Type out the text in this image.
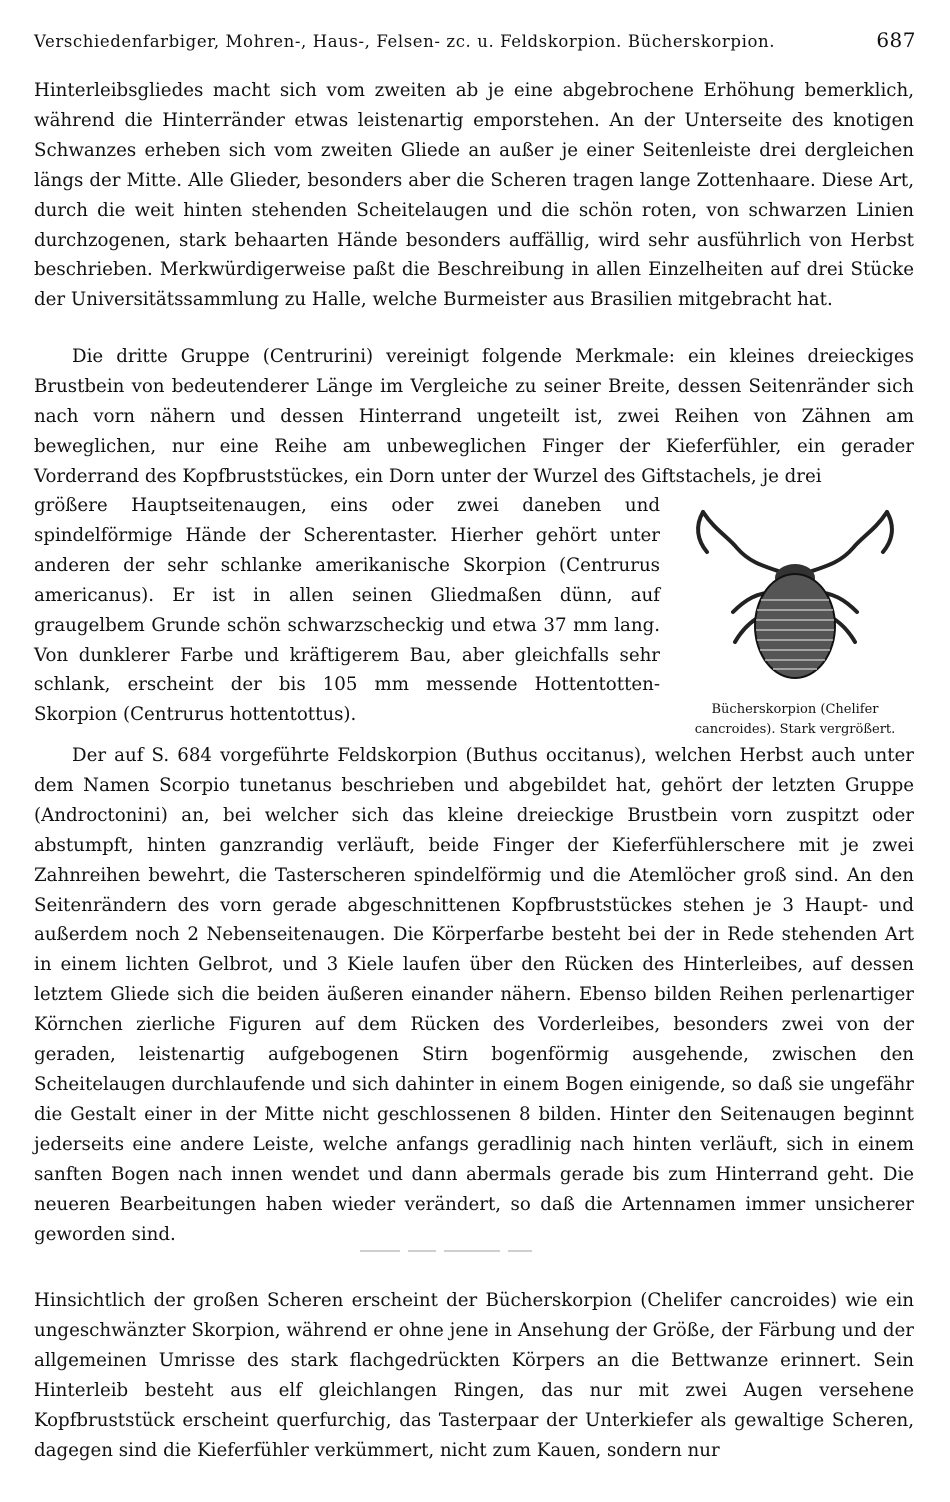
Verschiedenfarbiger, Mohren-, Haus-, Felsen- zc. u. Feldskorpion. Bücherskorpion.	687

Hinterleibsgliedes macht sich vom zweiten ab je eine abgebrochene Erhöhung bemerklich, während die Hinterränder etwas leistenartig emporstehen. An der Unterseite des knotigen Schwanzes erheben sich vom zweiten Gliede an außer je einer Seitenleiste drei dergleichen längs der Mitte. Alle Glieder, besonders aber die Scheren tragen lange Zottenhaare. Diese Art, durch die weit hinten stehenden Scheitelaugen und die schön roten, von schwarzen Linien durchzogenen, stark behaarten Hände besonders auffällig, wird sehr ausführlich von Herbst beschrieben. Merkwürdigerweise paßt die Beschreibung in allen Einzelheiten auf drei Stücke der Universitätssammlung zu Halle, welche Burmeister aus Brasilien mitgebracht hat.

Die dritte Gruppe (Centrurini) vereinigt folgende Merkmale: ein kleines dreieckiges Brustbein von bedeutenderer Länge im Vergleiche zu seiner Breite, dessen Seitenränder sich nach vorn nähern und dessen Hinterrand ungeteilt ist, zwei Reihen von Zähnen am beweglichen, nur eine Reihe am unbeweglichen Finger der Kieferfühler, ein gerader Vorderrand des Kopfbruststückes, ein Dorn unter der Wurzel des Giftstachels, je drei

größere Hauptseitenaugen, eins oder zwei daneben und spindelförmige Hände der Scherentaster. Hierher gehört unter anderen der sehr schlanke amerikanische Skorpion (Centrurus americanus). Er ist in allen seinen Gliedmaßen dünn, auf graugelbem Grunde schön schwarzscheckig und etwa 37 mm lang. Von dunklerer Farbe und kräftigerem Bau, aber gleichfalls sehr schlank, erscheint der bis 105 mm messende Hottentotten-Skorpion (Centrurus hottentottus).	Bücherskorpion (Chelifer
cancroides). Stark vergrößert.

Der auf S. 684 vorgeführte Feldskorpion (Buthus occitanus), welchen Herbst auch unter dem Namen Scorpio tunetanus beschrieben und abgebildet hat, gehört der letzten Gruppe (Androctonini) an, bei welcher sich das kleine dreieckige Brustbein vorn zuspitzt oder abstumpft, hinten ganzrandig verläuft, beide Finger der Kieferfühlerschere mit je zwei Zahnreihen bewehrt, die Tasterscheren spindelförmig und die Atemlöcher groß sind. An den Seitenrändern des vorn gerade abgeschnittenen Kopfbruststückes stehen je 3 Haupt- und außerdem noch 2 Nebenseitenaugen. Die Körperfarbe besteht bei der in Rede stehenden Art in einem lichten Gelbrot, und 3 Kiele laufen über den Rücken des Hinterleibes, auf dessen letztem Gliede sich die beiden äußeren einander nähern. Ebenso bilden Reihen perlenartiger Körnchen zierliche Figuren auf dem Rücken des Vorderleibes, besonders zwei von der geraden, leistenartig aufgebogenen Stirn bogenförmig ausgehende, zwischen den Scheitelaugen durchlaufende und sich dahinter in einem Bogen einigende, so daß sie ungefähr die Gestalt einer in der Mitte nicht geschlossenen 8 bilden. Hinter den Seitenaugen beginnt jederseits eine andere Leiste, welche anfangs geradlinig nach hinten verläuft, sich in einem sanften Bogen nach innen wendet und dann abermals gerade bis zum Hinterrand geht. Die neueren Bearbeitungen haben wieder verändert, so daß die Artennamen immer unsicherer geworden sind.

Hinsichtlich der großen Scheren erscheint der Bücherskorpion (Chelifer cancroides) wie ein ungeschwänzter Skorpion, während er ohne jene in Ansehung der Größe, der Färbung und der allgemeinen Umrisse des stark flachgedrückten Körpers an die Bettwanze erinnert. Sein Hinterleib besteht aus elf gleichlangen Ringen, das nur mit zwei Augen versehene Kopfbruststück erscheint querfurchig, das Tasterpaar der Unterkiefer als gewaltige Scheren, dagegen sind die Kieferfühler verkümmert, nicht zum Kauen, sondern nur
